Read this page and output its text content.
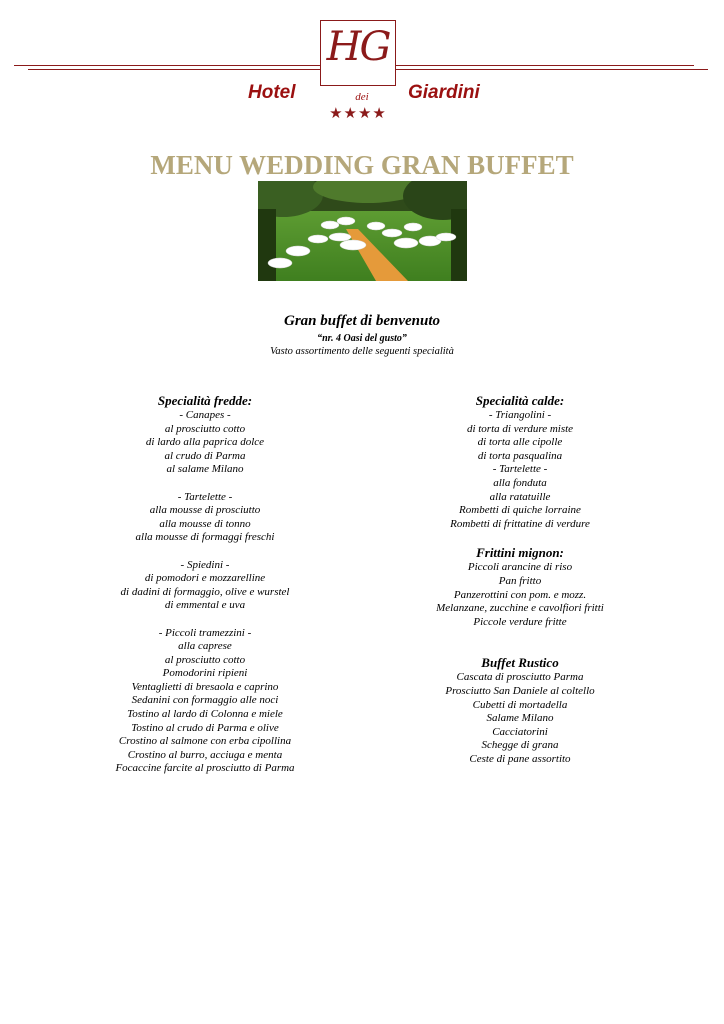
HG
Hotel	dei	Giardini
★★★★
MENU WEDDING GRAN BUFFET
Gran buffet di benvenuto
“nr. 4 Oasi del gusto”
Vasto assortimento delle seguenti specialità
Specialità fredde:
- Canapes -
al prosciutto cotto
di lardo alla paprica dolce
al crudo di Parma
al salame Milano
- Tartelette -
alla mousse di prosciutto
alla mousse di tonno
alla mousse di formaggi freschi
- Spiedini -
di pomodori e mozzarelline
di dadini di formaggio, olive e wurstel
di emmental e uva
- Piccoli tramezzini -
alla caprese
al prosciutto cotto
Pomodorini ripieni
Ventaglietti di bresaola e caprino
Sedanini con formaggio alle noci
Tostino al lardo di Colonna e miele
Tostino al crudo di Parma e olive
Crostino al salmone con erba cipollina
Crostino al burro, acciuga e menta
Focaccine farcite al prosciutto di Parma
Specialità calde:
- Triangolini -
di torta di verdure miste
di torta alle cipolle
di torta pasqualina
- Tartelette -
alla fonduta
alla ratatuille
Rombetti di quiche lorraine
Rombetti di frittatine di verdure
Frittini mignon:
Piccoli arancine di riso
Pan fritto
Panzerottini con pom. e mozz.
Melanzane, zucchine e cavolfiori fritti
Piccole verdure fritte
Buffet Rustico
Cascata di prosciutto Parma
Prosciutto San Daniele al coltello
Cubetti di mortadella
Salame Milano
Cacciatorini
Schegge di grana
Ceste di pane assortito
